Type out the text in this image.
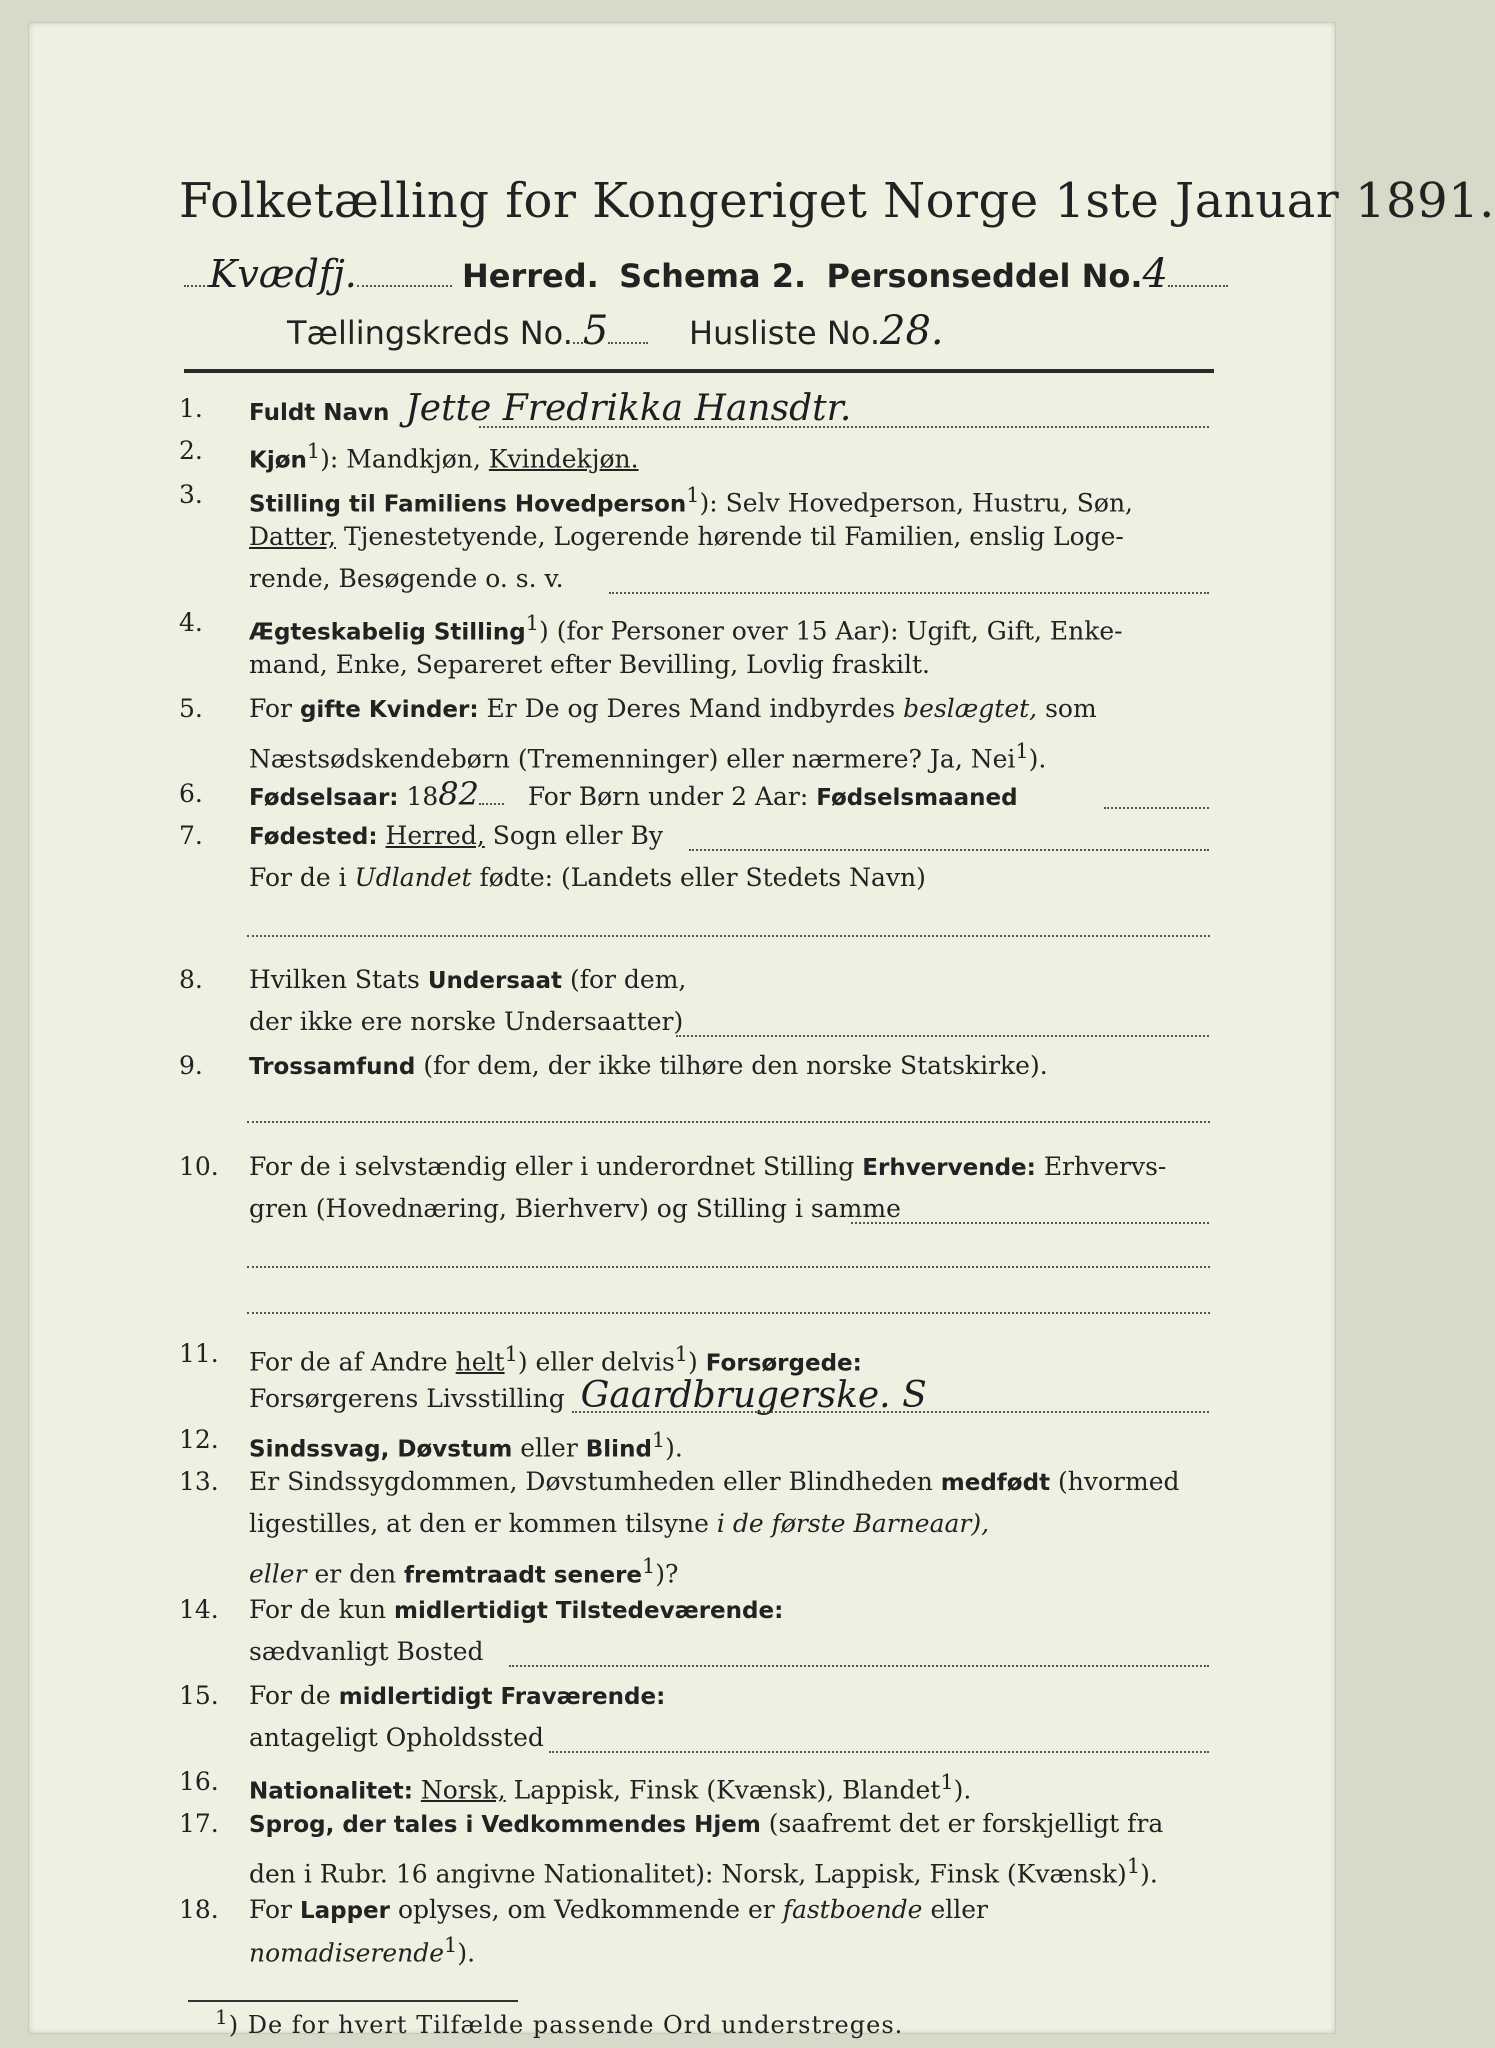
Folketælling for Kongeriget Norge 1ste Januar 1891.
Kvædfj.	Herred. Schema 2. Personseddel No.4
Tællingskreds No. 5	Husliste No.28.
1.	Fuldt Navn Jette Fredrikka Hansdtr.
2.	Kjøn$^1$): Mandkjøn, Kvindekjøn.
3.	Stilling til Familiens Hovedperson$^1$): Selv Hovedperson, Hustru, Søn,
Datter, Tjenestetyende, Logerende hørende til Familien, enslig Loge-
rende, Besøgende o. s. v.
4.	Ægteskabelig Stilling$^1$) (for Personer over 15 Aar): Ugift, Gift, Enke-
mand, Enke, Separeret efter Bevilling, Lovlig fraskilt.
5.	For gifte Kvinder: Er De og Deres Mand indbyrdes beslægtet, som
Næstsødskendebørn (Tremenninger) eller nærmere? Ja, Nei$^1$).
6.	Fødselsaar: 1882 For Børn under 2 Aar: Fødselsmaaned
7.	Fødested: Herred, Sogn eller By
For de i Udlandet fødte: (Landets eller Stedets Navn)
8.	Hvilken Stats Undersaat (for dem,
der ikke ere norske Undersaatter)
9.	Trossamfund (for dem, der ikke tilhøre den norske Statskirke).
10.	For de i selvstændig eller i underordnet Stilling Erhvervende: Erhvervs-
gren (Hovednæring, Bierhverv) og Stilling i samme
11.	For de af Andre helt$^1$) eller delvis$^1$) Forsørgede:
Forsørgerens Livsstilling Gaardbrugerske. S
12.	Sindssvag, Døvstum eller Blind$^1$).
13.	Er Sindssygdommen, Døvstumheden eller Blindheden medfødt (hvormed
ligestilles, at den er kommen tilsyne i de første Barneaar),
eller er den fremtraadt senere$^1$)?
14.	For de kun midlertidigt Tilstedeværende:
sædvanligt Bosted
15.	For de midlertidigt Fraværende:
antageligt Opholdssted
16.	Nationalitet: Norsk, Lappisk, Finsk (Kvænsk), Blandet$^1$).
17.	Sprog, der tales i Vedkommendes Hjem (saafremt det er forskjelligt fra
den i Rubr. 16 angivne Nationalitet): Norsk, Lappisk, Finsk (Kvænsk)$^1$).
18.	For Lapper oplyses, om Vedkommende er fastboende eller nomadiserende$^1$).
$^1$) De for hvert Tilfælde passende Ord understreges.
